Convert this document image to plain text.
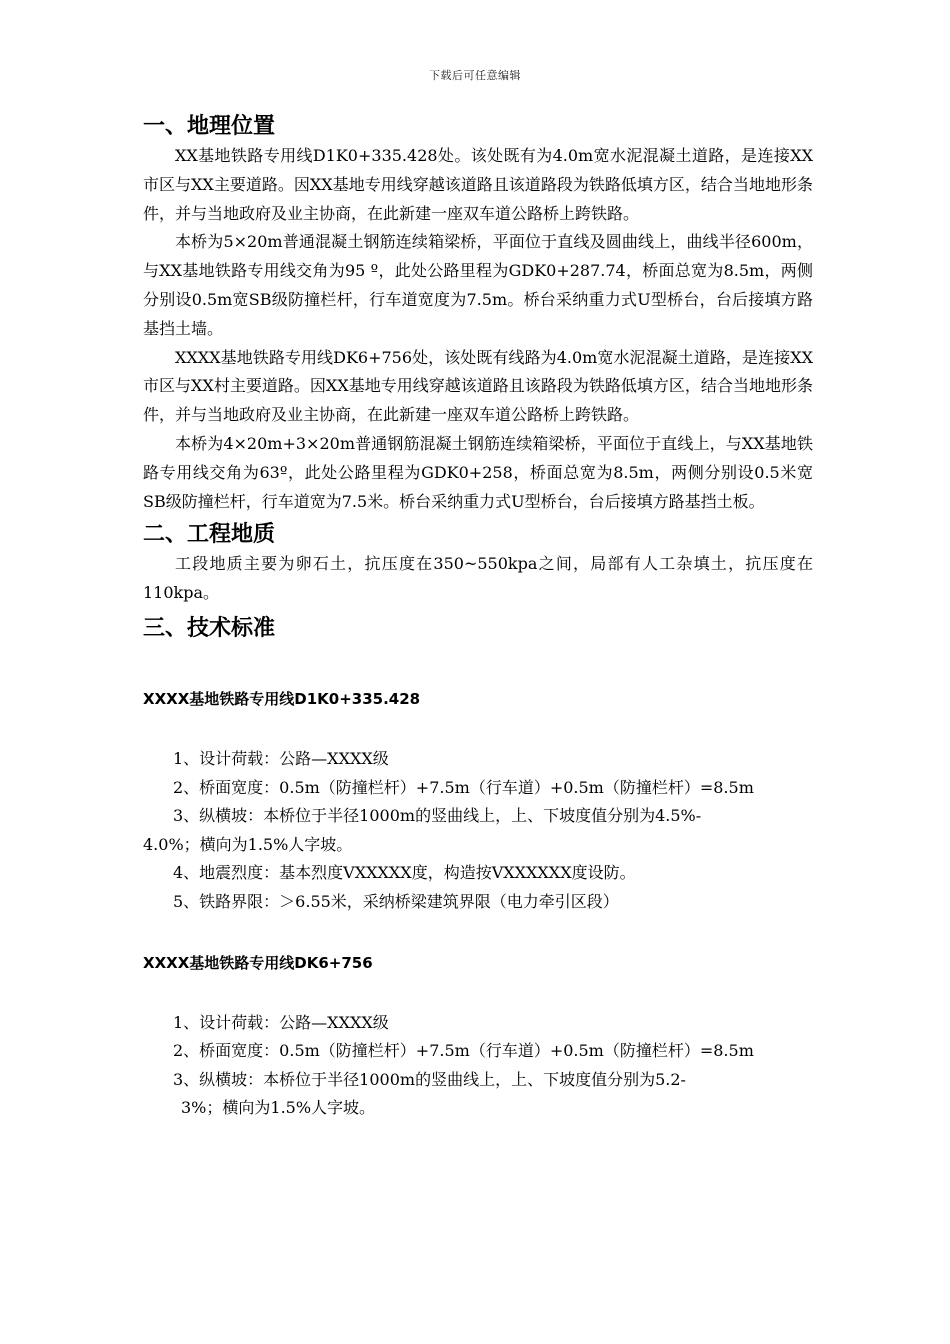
下载后可任意编辑
一、地理位置

XX基地铁路专用线D1K0+335.428处。该处既有为4.0m宽水泥混凝土道路，是连接XX市区与XX主要道路。因XX基地专用线穿越该道路且该道路段为铁路低填方区，结合当地地形条件，并与当地政府及业主协商，在此新建一座双车道公路桥上跨铁路。

本桥为5×20m普通混凝土钢筋连续箱梁桥，平面位于直线及圆曲线上，曲线半径600m，与XX基地铁路专用线交角为95 º，此处公路里程为GDK0+287.74，桥面总宽为8.5m，两侧分别设0.5m宽SB级防撞栏杆，行车道宽度为7.5m。桥台采纳重力式U型桥台，台后接填方路基挡土墙。

XXXX基地铁路专用线DK6+756处，该处既有线路为4.0m宽水泥混凝土道路，是连接XX市区与XX村主要道路。因XX基地专用线穿越该道路且该路段为铁路低填方区，结合当地地形条件，并与当地政府及业主协商，在此新建一座双车道公路桥上跨铁路。

本桥为4×20m+3×20m普通钢筋混凝土钢筋连续箱梁桥，平面位于直线上，与XX基地铁路专用线交角为63º，此处公路里程为GDK0+258，桥面总宽为8.5m，两侧分别设0.5米宽SB级防撞栏杆，行车道宽为7.5米。桥台采纳重力式U型桥台，台后接填方路基挡土板。

二、工程地质

工段地质主要为卵石土，抗压度在350~550kpa之间，局部有人工杂填土，抗压度在110kpa。

三、技术标准
XXXX基地铁路专用线D1K0+335.428
1、设计荷载：公路—XXXX级
2、桥面宽度：0.5m（防撞栏杆）+7.5m（行车道）+0.5m（防撞栏杆）=8.5m
3、纵横坡：本桥位于半径1000m的竖曲线上，上、下坡度值分别为4.5%-
4.0%；横向为1.5%人字坡。
4、地震烈度：基本烈度VXXXXX度，构造按VXXXXXX度设防。
5、铁路界限：＞6.55米，采纳桥梁建筑界限（电力牵引区段）
XXXX基地铁路专用线DK6+756
1、设计荷载：公路—XXXX级
2、桥面宽度：0.5m（防撞栏杆）+7.5m（行车道）+0.5m（防撞栏杆）=8.5m
3、纵横坡：本桥位于半径1000m的竖曲线上，上、下坡度值分别为5.2-
3%；横向为1.5%人字坡。
